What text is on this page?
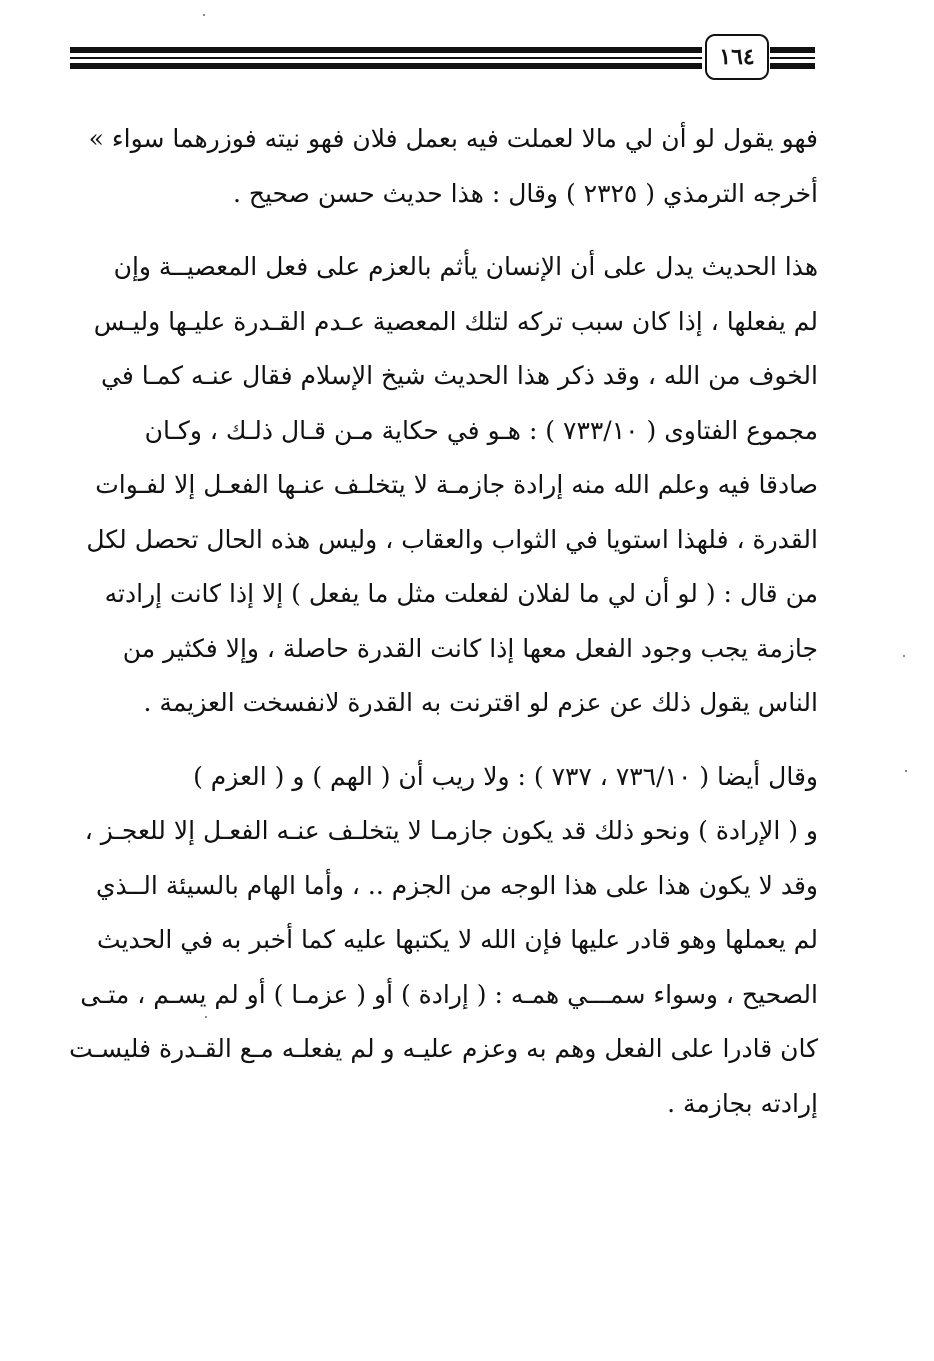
١٦٤

فهو يقول لو أن لي مالا لعملت فيه بعمل فلان فهو نيته فوزرهما سواء »
أخرجه الترمذي ( ٢٣٢٥ ) وقال : هذا حديث حسن صحيح .

هذا الحديث يدل على أن الإنسان يأثم بالعزم على فعل المعصيــة وإن
لم يفعلها ، إذا كان سبب تركه لتلك المعصية عـدم القـدرة عليـها وليـس
الخوف من الله ، وقد ذكر هذا الحديث شيخ الإسلام فقال عنـه كمـا في
مجموع الفتاوى ( ٧٣٣/١٠ ) : هـو في حكاية مـن قـال ذلـك ، وكـان
صادقا فيه وعلم الله منه إرادة جازمـة لا يتخلـف عنـها الفعـل إلا لفـوات
القدرة ، فلهذا استويا في الثواب والعقاب ، وليس هذه الحال تحصل لكل
من قال : ( لو أن لي ما لفلان لفعلت مثل ما يفعل ) إلا إذا كانت إرادته
جازمة يجب وجود الفعل معها إذا كانت القدرة حاصلة ، وإلا فكثير من
الناس يقول ذلك عن عزم لو اقترنت به القدرة لانفسخت العزيمة .

وقال أيضا ( ٧٣٦/١٠ ، ٧٣٧ ) : ولا ريب أن ( الهم ) و ( العزم )
و ( الإرادة ) ونحو ذلك قد يكون جازمـا لا يتخلـف عنـه الفعـل إلا للعجـز ،
وقد لا يكون هذا على هذا الوجه من الجزم .. ، وأما الهام بالسيئة الــذي
لم يعملها وهو قادر عليها فإن الله لا يكتبها عليه كما أخبر به في الحديث
الصحيح ، وسواء سمـــي همـه : ( إرادة ) أو ( عزمـا ) أو لم يسـم ، متـى
كان قادرا على الفعل وهم به وعزم عليـه و لم يفعلـه مـع القـدرة فليسـت
إرادته بجازمة .
